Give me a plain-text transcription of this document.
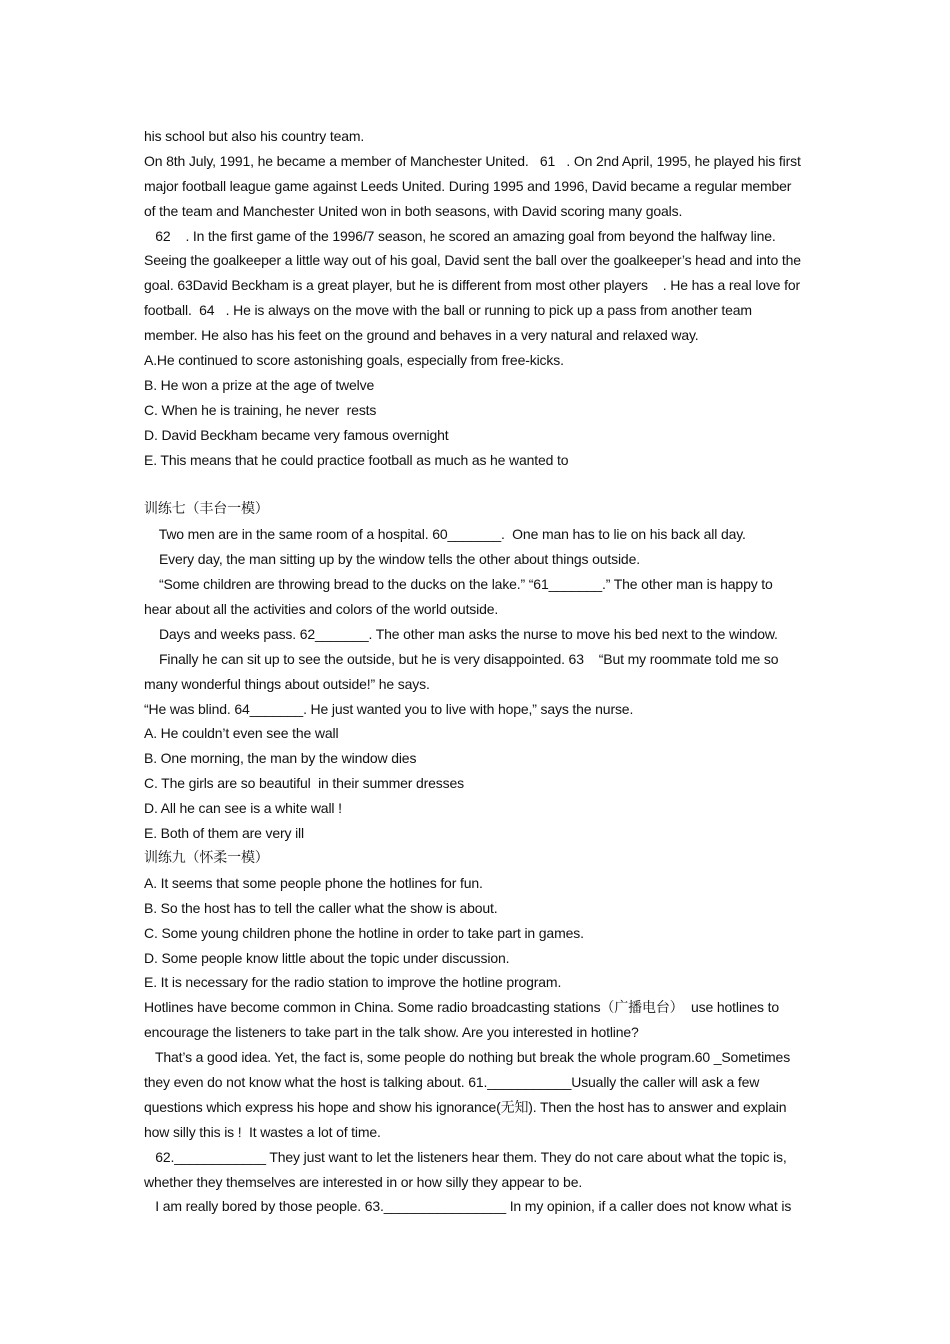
his school but also his country team.
On 8th July, 1991, he became a member of Manchester United.   61   . On 2nd April, 1995, he played his first
major football league game against Leeds United. During 1995 and 1996, David became a regular member
of the team and Manchester United won in both seasons, with David scoring many goals.
62    . In the first game of the 1996/7 season, he scored an amazing goal from beyond the halfway line.
Seeing the goalkeeper a little way out of his goal, David sent the ball over the goalkeeper’s head and into the
goal. 63David Beckham is a great player, but he is different from most other players    . He has a real love for
football.  64   . He is always on the move with the ball or running to pick up a pass from another team
member. He also has his feet on the ground and behaves in a very natural and relaxed way.
A.He continued to score astonishing goals, especially from free-kicks.
B. He won a prize at the age of twelve
C. When he is training, he never  rests
D. David Beckham became very famous overnight
E. This means that he could practice football as much as he wanted to
训练七（丰台一模）
Two men are in the same room of a hospital. 60_______.  One man has to lie on his back all day.
Every day, the man sitting up by the window tells the other about things outside.
“Some children are throwing bread to the ducks on the lake.” “61_______.” The other man is happy to
hear about all the activities and colors of the world outside.
Days and weeks pass. 62_______. The other man asks the nurse to move his bed next to the window.
Finally he can sit up to see the outside, but he is very disappointed. 63    “But my roommate told me so
many wonderful things about outside!” he says.
“He was blind. 64_______. He just wanted you to live with hope,” says the nurse.
A. He couldn’t even see the wall
B. One morning, the man by the window dies
C. The girls are so beautiful  in their summer dresses
D. All he can see is a white wall !
E. Both of them are very ill
训练九（怀柔一模）
A. It seems that some people phone the hotlines for fun.
B. So the host has to tell the caller what the show is about.
C. Some young children phone the hotline in order to take part in games.
D. Some people know little about the topic under discussion.
E. It is necessary for the radio station to improve the hotline program.
Hotlines have become common in China. Some radio broadcasting stations（广播电台）  use hotlines to
encourage the listeners to take part in the talk show. Are you interested in hotline?
That’s a good idea. Yet, the fact is, some people do nothing but break the whole program.60 _Sometimes
they even do not know what the host is talking about. 61.___________Usually the caller will ask a few
questions which express his hope and show his ignorance(无知). Then the host has to answer and explain
how silly this is !  It wastes a lot of time.
62.____________ They just want to let the listeners hear them. They do not care about what the topic is,
whether they themselves are interested in or how silly they appear to be.
I am really bored by those people. 63.________________ In my opinion, if a caller does not know what is
